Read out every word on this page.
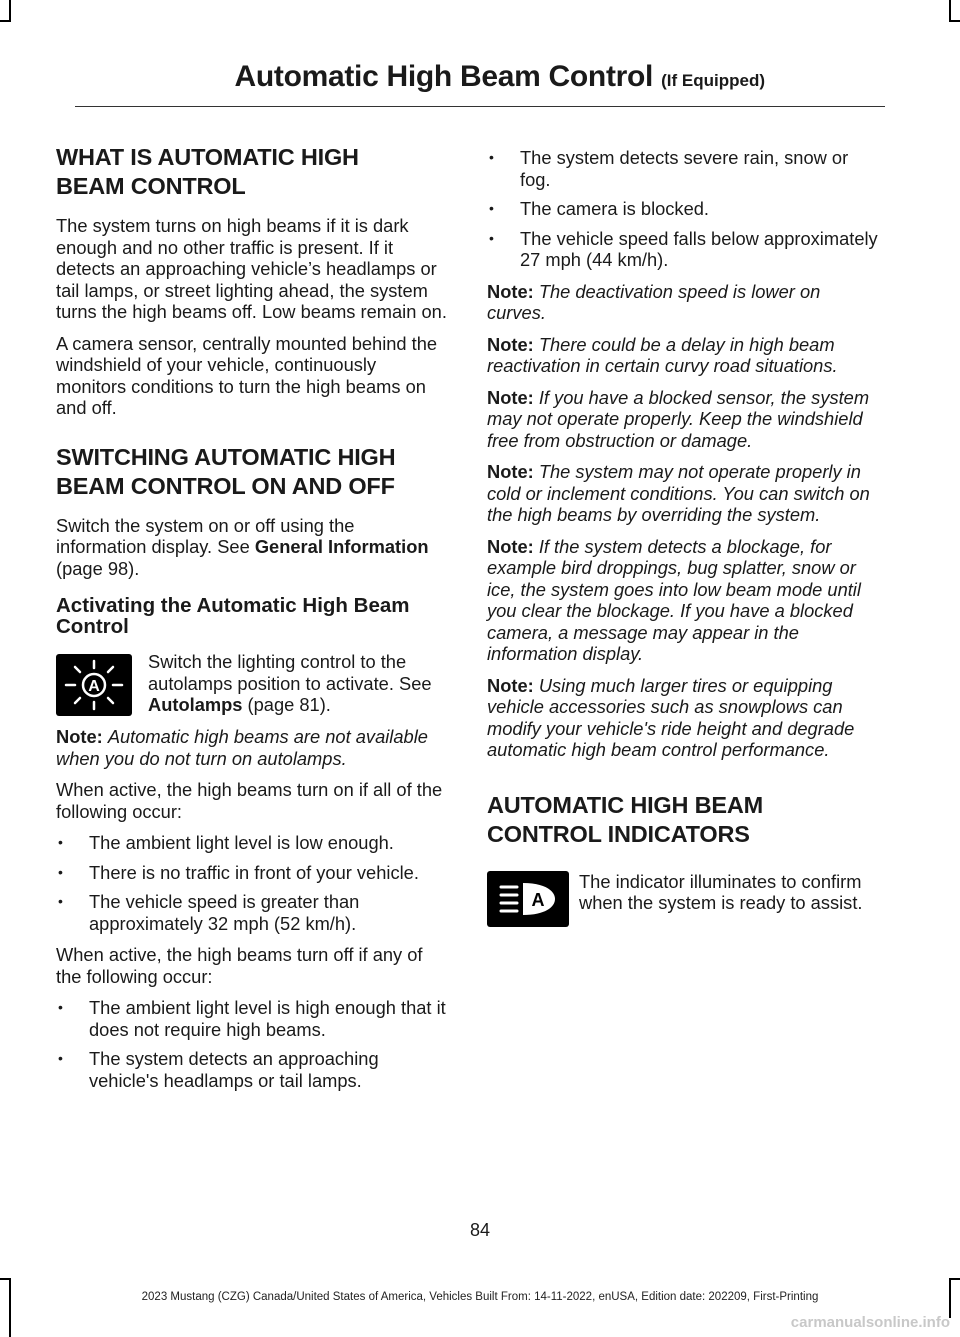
Automatic High Beam Control (If Equipped)
WHAT IS AUTOMATIC HIGH
BEAM CONTROL

The system turns on high beams if it is dark enough and no other traffic is present. If it detects an approaching vehicle’s headlamps or tail lamps, or street lighting ahead, the system turns the high beams off. Low beams remain on.

A camera sensor, centrally mounted behind the windshield of your vehicle, continuously monitors conditions to turn the high beams on and off.

SWITCHING AUTOMATIC HIGH
BEAM CONTROL ON AND OFF

Switch the system on or off using the information display. See General Information (page 98).

Activating the Automatic High Beam Control
A
Switch the lighting control to the autolamps position to activate. See Autolamps (page 81).

Note: Automatic high beams are not available when you do not turn on autolamps.

When active, the high beams turn on if all of the following occur:

• The ambient light level is low enough.
• There is no traffic in front of your vehicle.
• The vehicle speed is greater than approximately 32 mph (52 km/h).

When active, the high beams turn off if any of the following occur:

• The ambient light level is high enough that it does not require high beams.
• The system detects an approaching vehicle's headlamps or tail lamps.
• The system detects severe rain, snow or fog.
• The camera is blocked.
• The vehicle speed falls below approximately 27 mph (44 km/h).

Note: The deactivation speed is lower on curves.

Note: There could be a delay in high beam reactivation in certain curvy road situations.

Note: If you have a blocked sensor, the system may not operate properly. Keep the windshield free from obstruction or damage.

Note: The system may not operate properly in cold or inclement conditions. You can switch on the high beams by overriding the system.

Note: If the system detects a blockage, for example bird droppings, bug splatter, snow or ice, the system goes into low beam mode until you clear the blockage. If you have a blocked camera, a message may appear in the information display.

Note: Using much larger tires or equipping vehicle accessories such as snowplows can modify your vehicle's ride height and degrade automatic high beam control performance.

AUTOMATIC HIGH BEAM
CONTROL INDICATORS
A
The indicator illuminates to confirm when the system is ready to assist.
84
2023 Mustang (CZG) Canada/United States of America, Vehicles Built From: 14-11-2022, enUSA, Edition date: 202209, First-Printing
carmanualsonline.info
